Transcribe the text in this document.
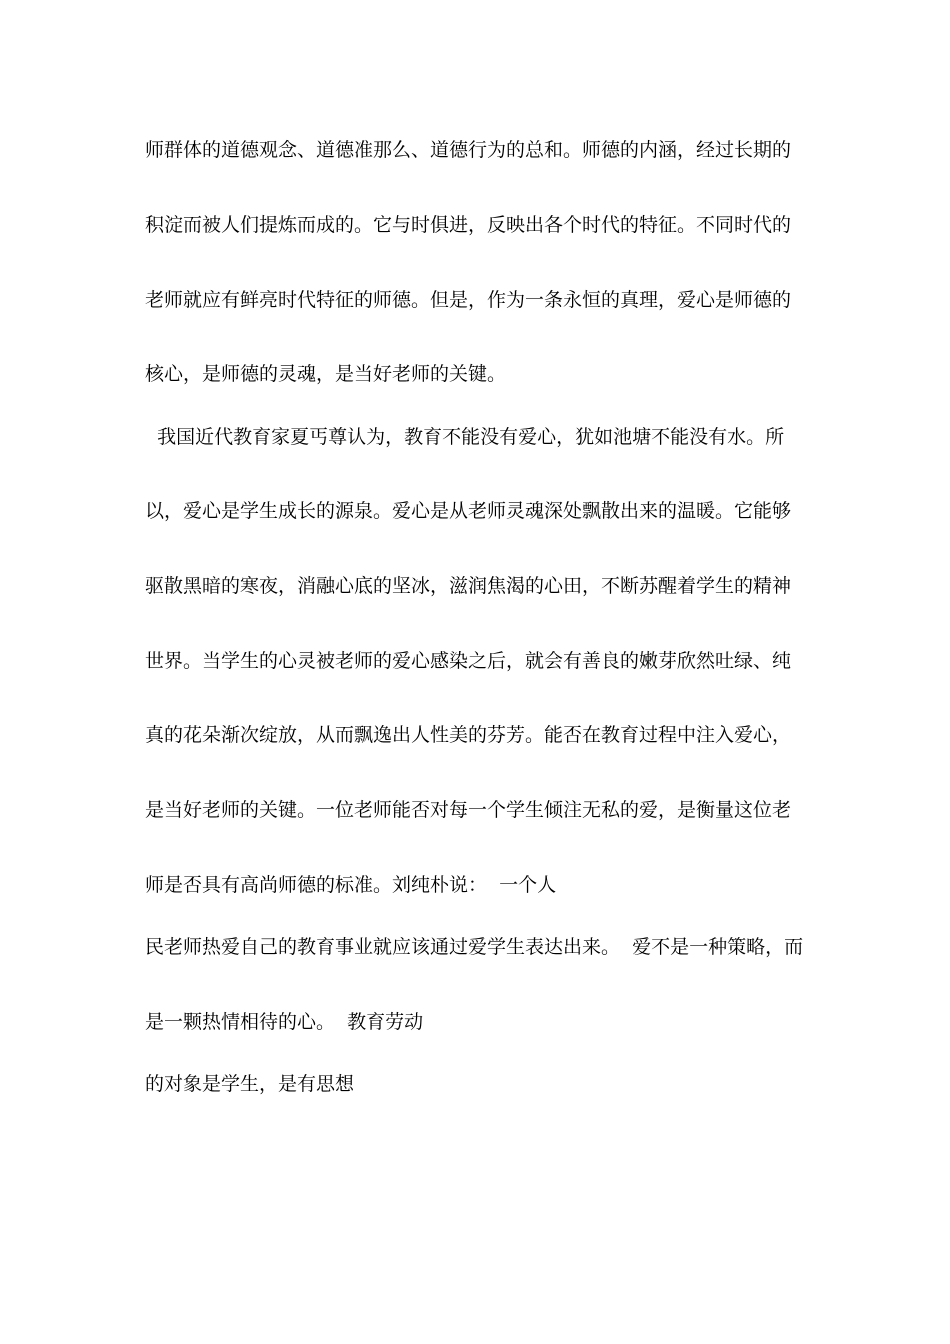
师群体的道德观念、道德准那么、道德行为的总和。师德的内涵，经过长期的
积淀而被人们提炼而成的。它与时俱进，反映出各个时代的特征。不同时代的
老师就应有鲜亮时代特征的师德。但是，作为一条永恒的真理，爱心是师德的
核心，是师德的灵魂，是当好老师的关键。
我国近代教育家夏丐尊认为，教育不能没有爱心，犹如池塘不能没有水。所
以，爱心是学生成长的源泉。爱心是从老师灵魂深处飘散出来的温暖。它能够
驱散黑暗的寒夜，消融心底的坚冰，滋润焦渴的心田，不断苏醒着学生的精神
世界。当学生的心灵被老师的爱心感染之后，就会有善良的嫩芽欣然吐绿、纯
真的花朵渐次绽放，从而飘逸出人性美的芬芳。能否在教育过程中注入爱心，
是当好老师的关键。一位老师能否对每一个学生倾注无私的爱，是衡量这位老
师是否具有高尚师德的标准。刘纯朴说：  一个人
民老师热爱自己的教育事业就应该通过爱学生表达出来。  爱不是一种策略，而
是一颗热情相待的心。  教育劳动
的对象是学生，是有思想
